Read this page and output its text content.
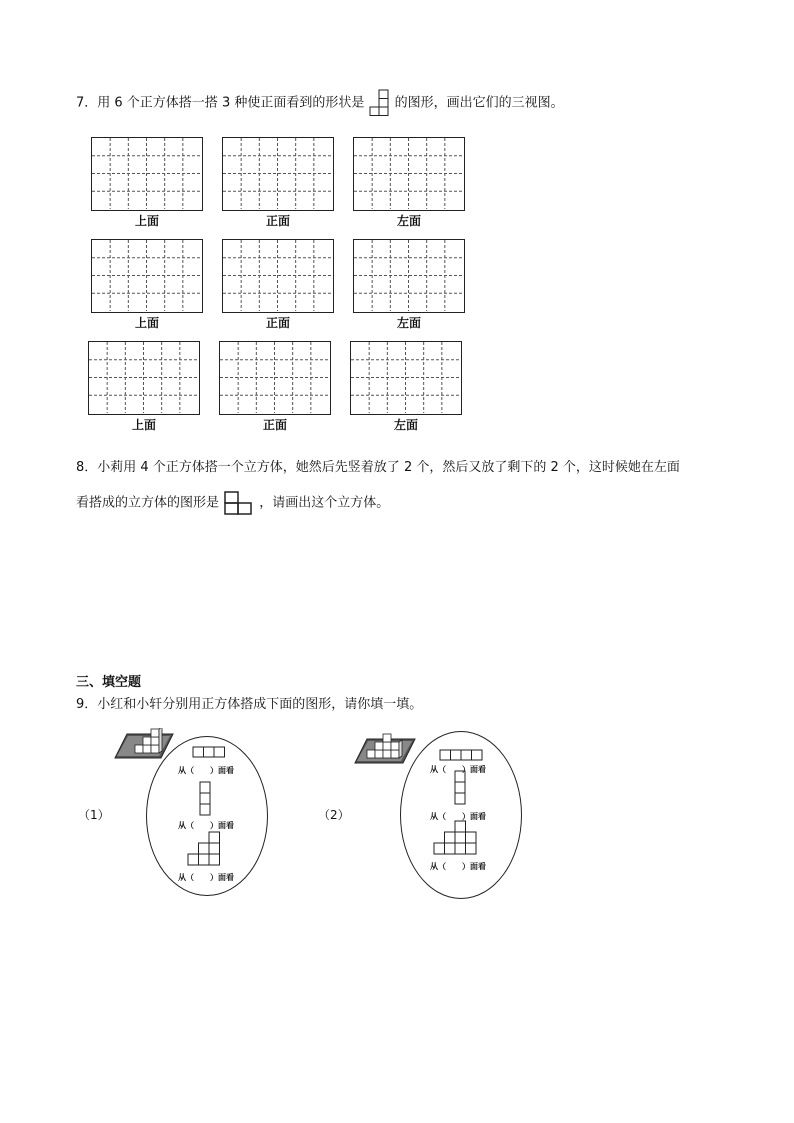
7．用 6 个正方体搭一搭 3 种使正面看到的形状是 的图形，画出它们的三视图。
上面	正面	左面
上面	正面	左面
上面	正面	左面
8．小莉用 4 个正方体搭一个立方体，她然后先竖着放了 2 个，然后又放了剩下的 2 个，这时候她在左面
看搭成的立方体的图形是	，请画出这个立方体。
三、填空题
9．小红和小轩分别用正方体搭成下面的图形，请你填一填。
（1）
从（　　）面看
从（　　）面看
从（　　）面看
（2）
从（　　）面看
从（　　）面看
从（　　）面看
